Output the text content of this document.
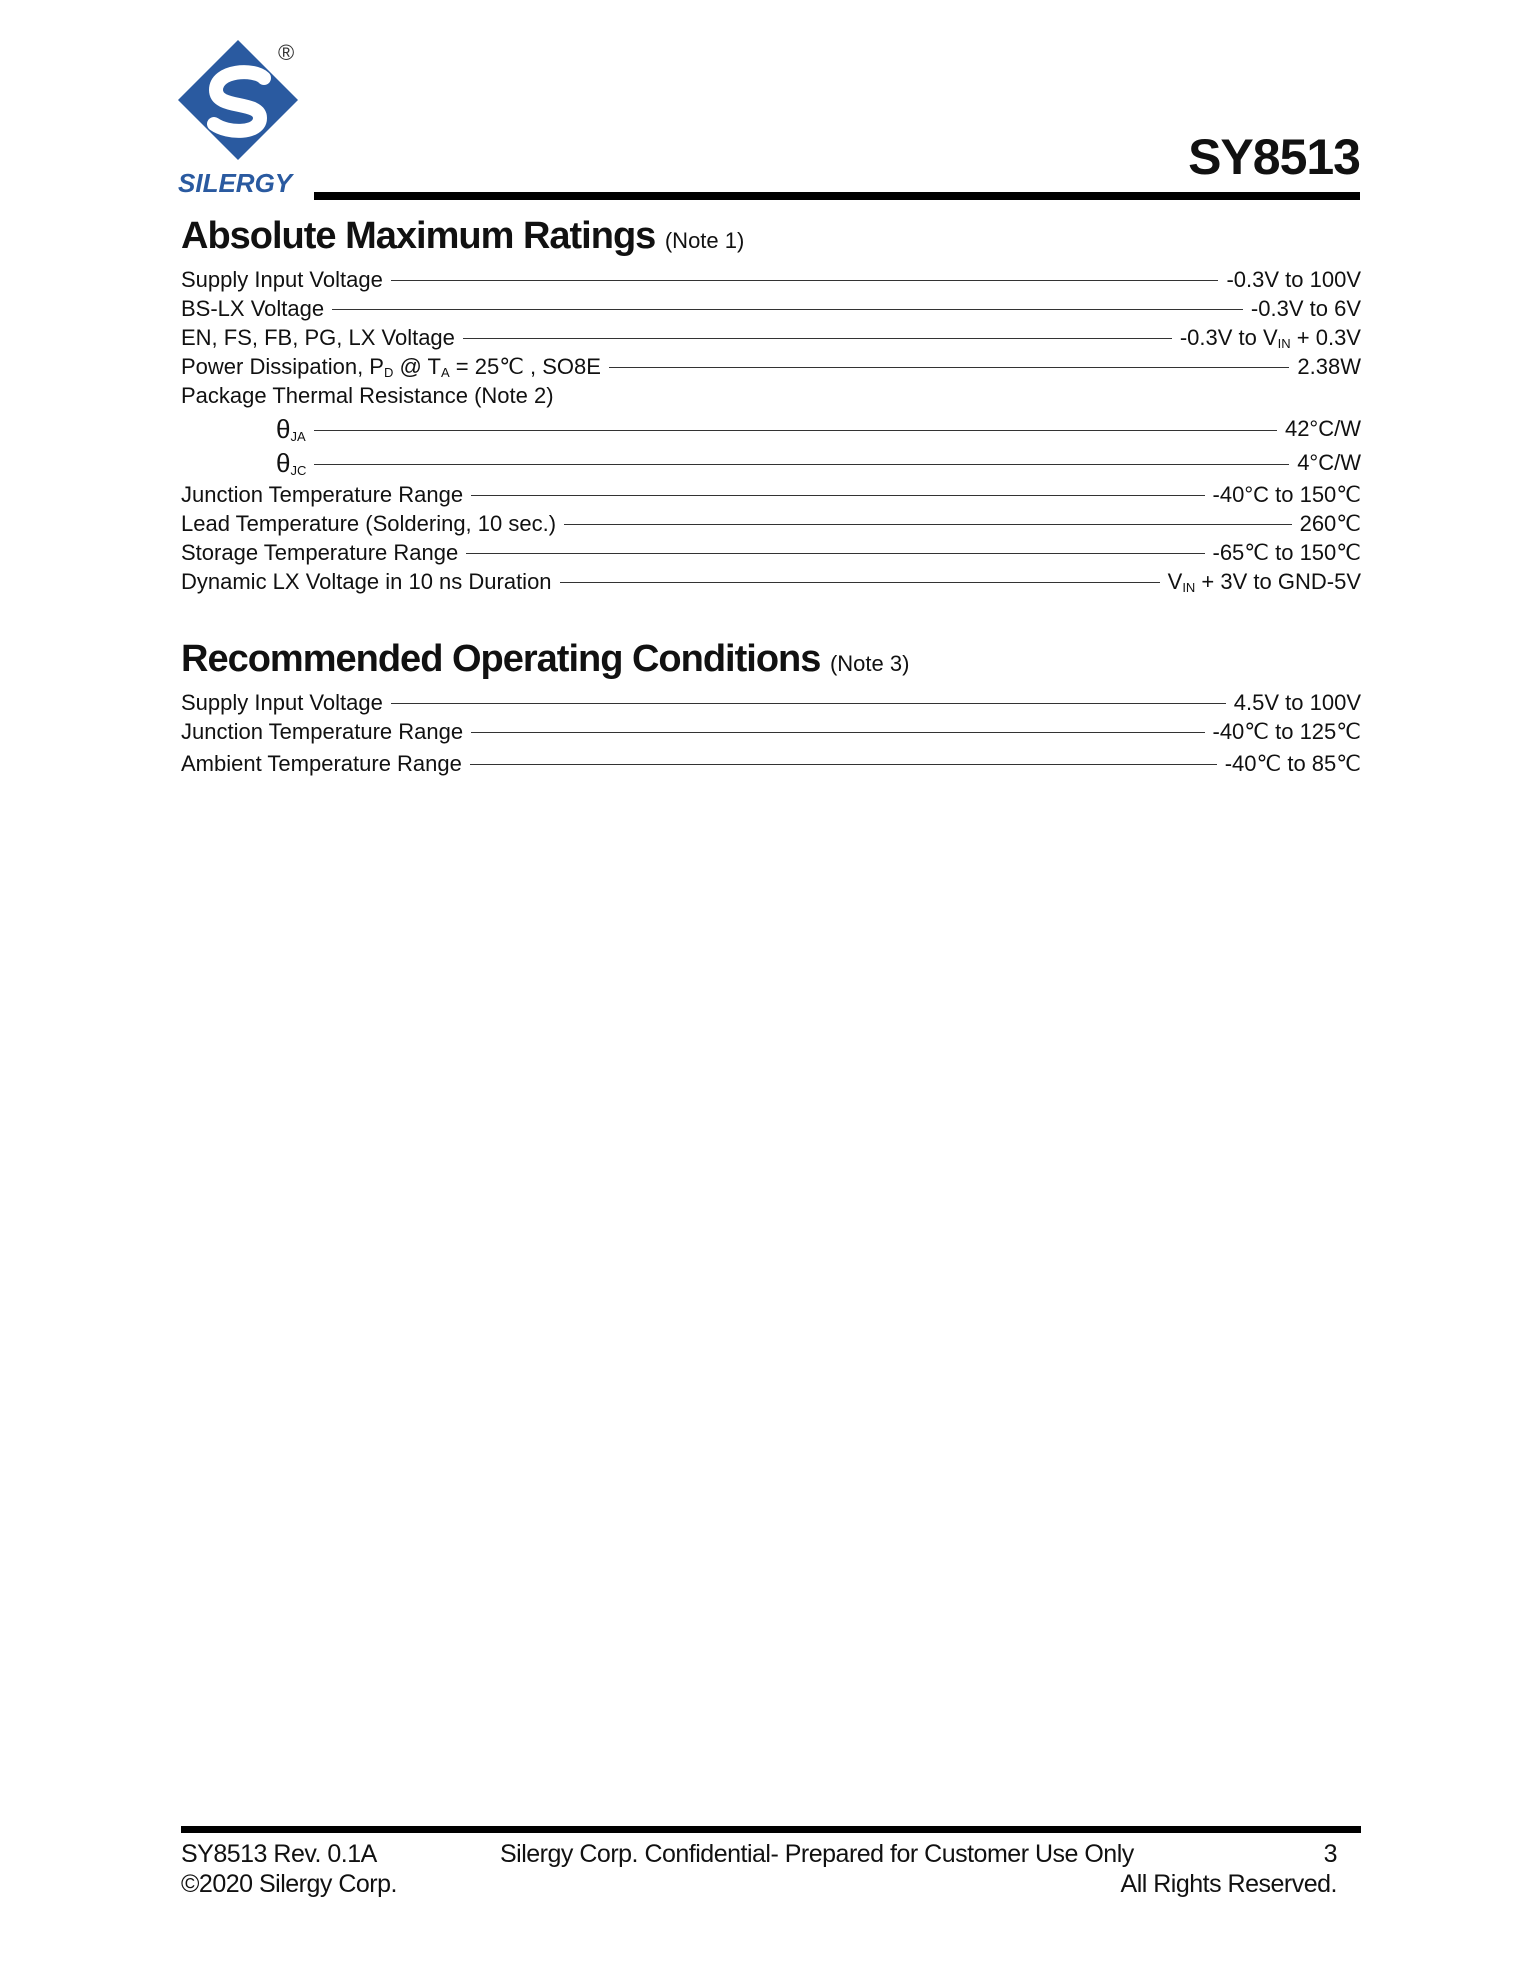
SILERGY
®
SY8513
Absolute Maximum Ratings (Note 1)
Supply Input Voltage	-0.3V to 100V
BS-LX Voltage	-0.3V to 6V
EN, FS, FB, PG, LX Voltage	-0.3V to $V_{IN} + 0.3V$
Power Dissipation, $P_D$ @ $T_A$ = 25℃ , SO8E	2.38W
Package Thermal Resistance (Note 2)
$\theta_{JA}$	42°C/W
$\theta_{JC}$	4°C/W
Junction Temperature Range	-40°C to 150℃
Lead Temperature (Soldering, 10 sec.)	260℃
Storage Temperature Range	-65℃ to 150℃
Dynamic LX Voltage in 10 ns Duration	$V_{IN} + 3V$ to GND-5V
Recommended Operating Conditions (Note 3)
Supply Input Voltage	4.5V to 100V
Junction Temperature Range	-40℃ to 125℃
Ambient Temperature Range	-40℃ to 85℃
SY8513 Rev. 0.1A
©2020 Silergy Corp.
Silergy Corp. Confidential- Prepared for Customer Use Only	3
All Rights Reserved.
